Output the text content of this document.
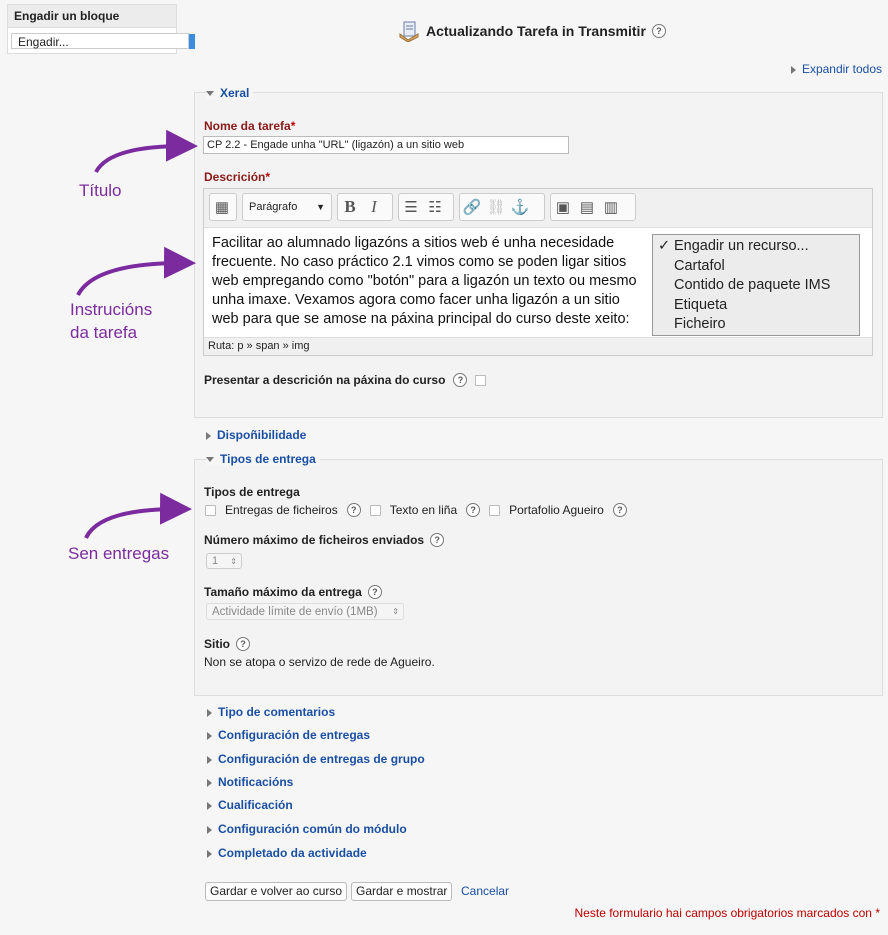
Engadir un bloque
Engadir...
Actualizando Tarefa in Transmitir	?
Expandir todos
Xeral
Nome da tarefa*
CP 2.2 - Engade unha "URL" (ligazón) a un sitio web
Descrición*
▦	Parágrafo ▼	B I	☰ ☷	🔗 ⛓ ⚓	▣ ▤ ▥
Facilitar ao alumnado ligazóns a sitios web é unha necesidade frecuente. No caso práctico 2.1 vimos como se poden ligar sitios web empregando como "botón" para a ligazón un texto ou mesmo unha imaxe. Vexamos agora como facer unha ligazón a un sitio web para que se amose na páxina principal do curso deste xeito:
✓ Engadir un recurso...
Cartafol
Contido de paquete IMS
Etiqueta
Ficheiro
Ruta: p » span » img
Presentar a descrición na páxina do curso	?
Dispoñibilidade
Tipos de entrega
Tipos de entrega
Entregas de ficheiros	?	Texto en liña	?	Portafolio Agueiro	?
Número máximo de ficheiros enviados	?
1 ⇕
Tamaño máximo da entrega	?
Actividade límite de envío (1MB) ⇕
Sitio	?
Non se atopa o servizo de rede de Agueiro.
Tipo de comentarios
Configuración de entregas
Configuración de entregas de grupo
Notificacións
Cualificación
Configuración común do módulo
Completado da actividade
Gardar e volver ao curso	Gardar e mostrar	Cancelar
Neste formulario hai campos obrigatorios marcados con *
Título
Instrucións
da tarefa
Sen entregas
